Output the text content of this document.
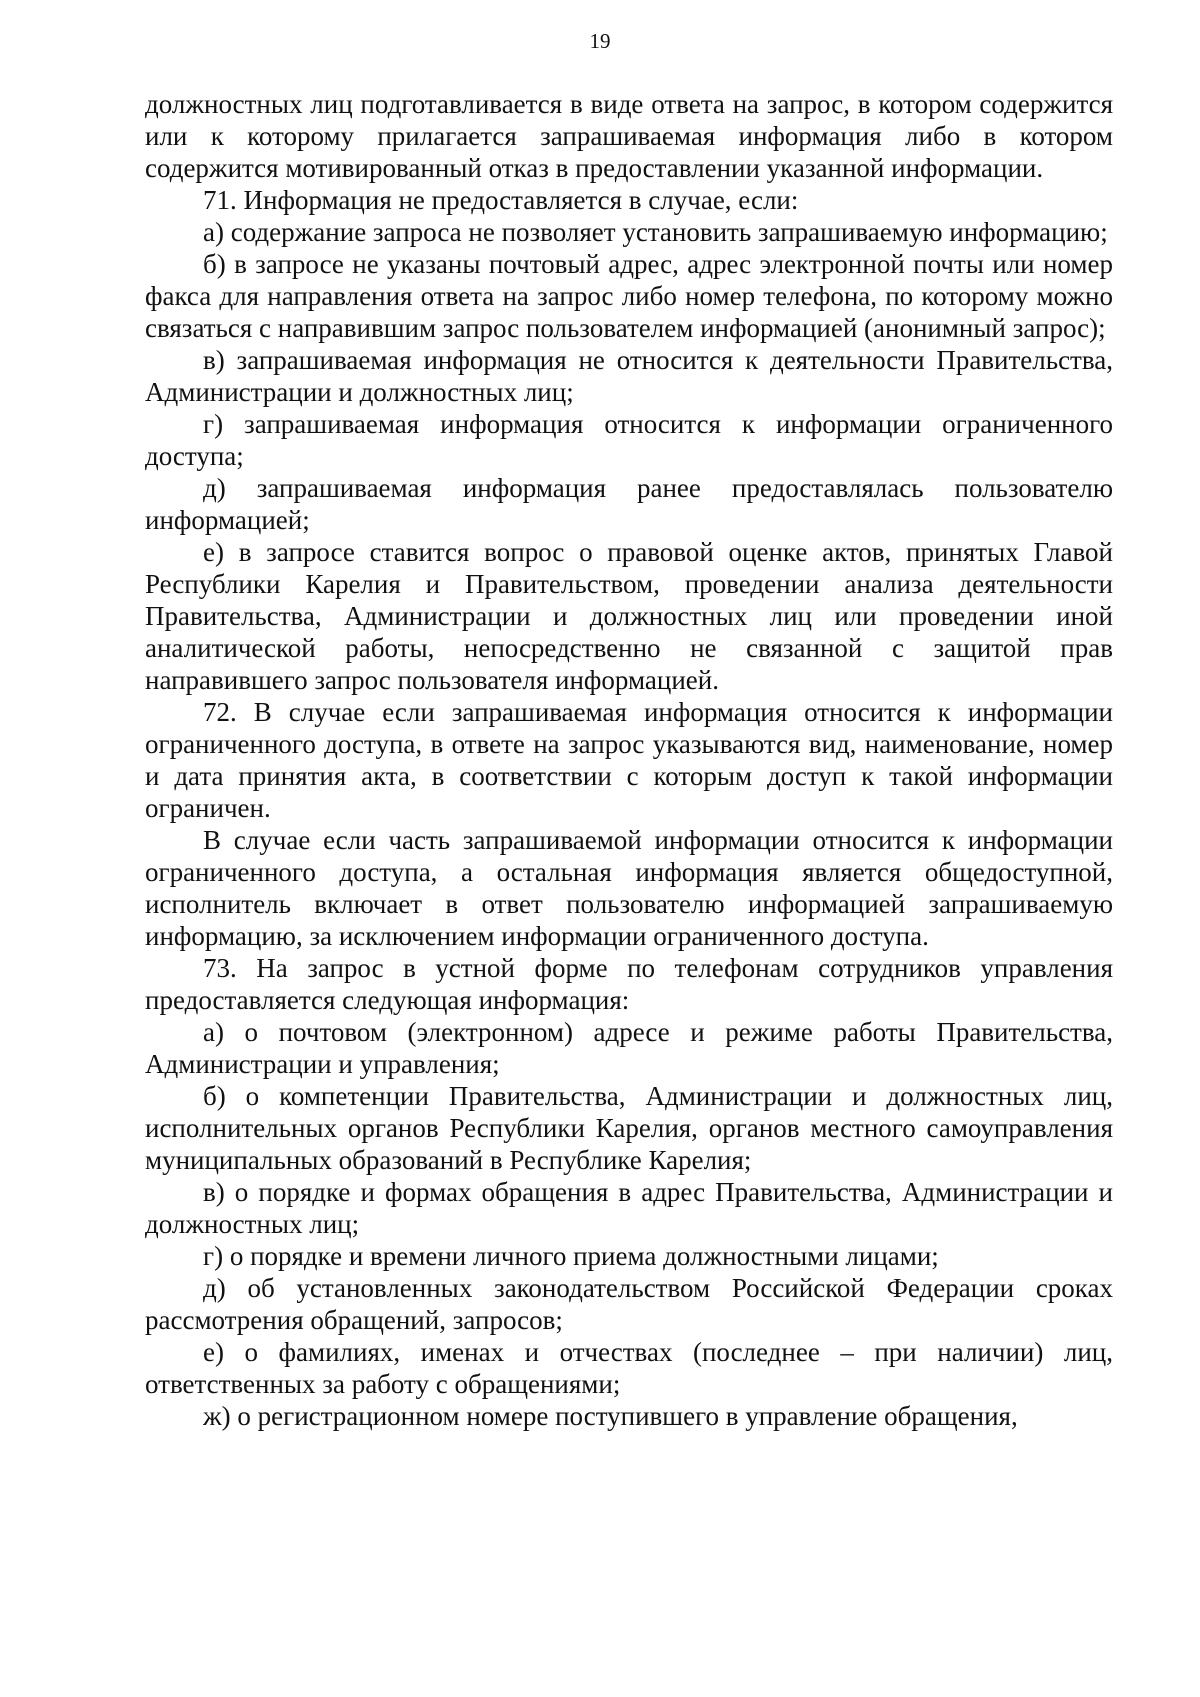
19

должностных лиц подготавливается в виде ответа на запрос, в котором содержится или к которому прилагается запрашиваемая информация либо в котором содержится мотивированный отказ в предоставлении указанной информации.

71. Информация не предоставляется в случае, если:

а) содержание запроса не позволяет установить запрашиваемую информацию;

б) в запросе не указаны почтовый адрес, адрес электронной почты или номер факса для направления ответа на запрос либо номер телефона, по которому можно связаться с направившим запрос пользователем информацией (анонимный запрос);

в) запрашиваемая информация не относится к деятельности Правительства, Администрации и должностных лиц;

г) запрашиваемая информация относится к информации ограниченного доступа;

д) запрашиваемая информация ранее предоставлялась пользователю информацией;

е) в запросе ставится вопрос о правовой оценке актов, принятых Главой Республики Карелия и Правительством, проведении анализа деятельности Правительства, Администрации и должностных лиц или проведении иной аналитической работы, непосредственно не связанной с защитой прав направившего запрос пользователя информацией.

72. В случае если запрашиваемая информация относится к информации ограниченного доступа, в ответе на запрос указываются вид, наименование, номер и дата принятия акта, в соответствии с которым доступ к такой информации ограничен.

В случае если часть запрашиваемой информации относится к информации ограниченного доступа, а остальная информация является общедоступной, исполнитель включает в ответ пользователю информацией запрашиваемую информацию, за исключением информации ограниченного доступа.

73. На запрос в устной форме по телефонам сотрудников управления предоставляется следующая информация:

а) о почтовом (электронном) адресе и режиме работы Правительства, Администрации и управления;

б) о компетенции Правительства, Администрации и должностных лиц, исполнительных органов Республики Карелия, органов местного самоуправления муниципальных образований в Республике Карелия;

в) о порядке и формах обращения в адрес Правительства, Администрации и должностных лиц;

г) о порядке и времени личного приема должностными лицами;

д) об установленных законодательством Российской Федерации сроках рассмотрения обращений, запросов;

е) о фамилиях, именах и отчествах (последнее – при наличии) лиц, ответственных за работу с обращениями;

ж) о регистрационном номере поступившего в управление обращения,
